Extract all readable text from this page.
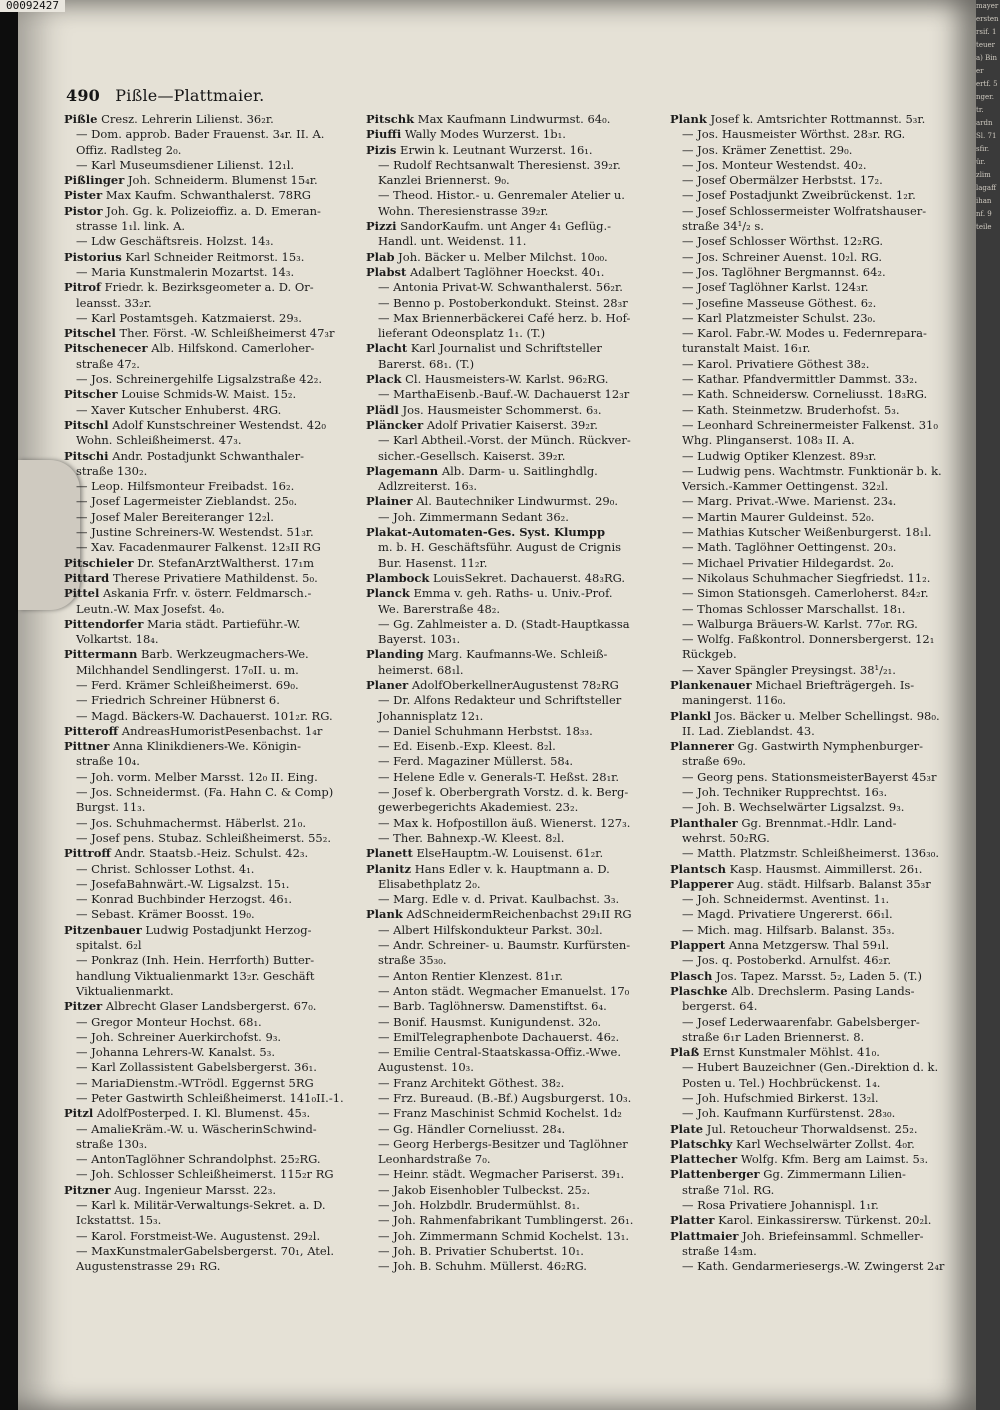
00092427	mayer
ersten
rsif. 1
teuer
a) Bin
er
ertf. 5
nger.
tr.
ardn
Sl. 71
sfir.
ür.
zlim
lagaff
ihan
nf. 9
teile
490 Pißle—Plattmaier.
Pißle Cresz. Lehrerin Lilienst. 36₂r.
— Dom. approb. Bader Frauenst. 3₄r. II. A.
Offiz. Radlsteg 2₀.
— Karl Museumsdiener Lilienst. 12₁l.
Pißlinger Joh. Schneiderm. Blumenst 15₄r.
Pister Max Kaufm. Schwanthalerst. 78RG
Pistor Joh. Gg. k. Polizeioffiz. a. D. Emeran-
strasse 1₁l. link. A.
— Ldw Geschäftsreis. Holzst. 14₃.
Pistorius Karl Schneider Reitmorst. 15₃.
— Maria Kunstmalerin Mozartst. 14₃.
Pitrof Friedr. k. Bezirksgeometer a. D. Or-
leansst. 33₂r.
— Karl Postamtsgeh. Katzmaierst. 29₃.
Pitschel Ther. Först. -W. Schleißheimerst 47₃r
Pitschenecer Alb. Hilfskond. Camerloher-
straße 47₂.
— Jos. Schreinergehilfe Ligsalzstraße 42₂.
Pitscher Louise Schmids-W. Maist. 15₂.
— Xaver Kutscher Enhuberst. 4RG.
Pitschl Adolf Kunstschreiner Westendst. 42₀
Wohn. Schleißheimerst. 47₃.
Pitschi Andr. Postadjunkt Schwanthaler-
straße 130₂.
— Leop. Hilfsmonteur Freibadst. 16₂.
— Josef Lagermeister Zieblandst. 25₀.
— Josef Maler Bereiteranger 12₂l.
— Justine Schreiners-W. Westendst. 51₃r.
— Xav. Facadenmaurer Falkenst. 12₃II RG
Pitschieler Dr. StefanArztWaltherst. 17₁m
Pittard Therese Privatiere Mathildenst. 5₀.
Pittel Askania Frfr. v. österr. Feldmarsch.-
Leutn.-W. Max Josefst. 4₀.
Pittendorfer Maria städt. Partieführ.-W.
Volkartst. 18₄.
Pittermann Barb. Werkzeugmachers-We.
Milchhandel Sendlingerst. 17₀II. u. m.
— Ferd. Krämer Schleißheimerst. 69₀.
— Friedrich Schreiner Hübnerst 6.
— Magd. Bäckers-W. Dachauerst. 101₂r. RG.
Pitteroff AndreasHumoristPesenbachst. 1₄r
Pittner Anna Klinikdieners-We. Königin-
straße 10₄.
— Joh. vorm. Melber Marsst. 12₀ II. Eing.
— Jos. Schneidermst. (Fa. Hahn C. & Comp)
Burgst. 11₃.
— Jos. Schuhmachermst. Häberlst. 21₀.
— Josef pens. Stubaz. Schleißheimerst. 55₂.
Pittroff Andr. Staatsb.-Heiz. Schulst. 42₃.
— Christ. Schlosser Lothst. 4₁.
— JosefaBahnwärt.-W. Ligsalzst. 15₁.
— Konrad Buchbinder Herzogst. 46₁.
— Sebast. Krämer Boosst. 19₀.
Pitzenbauer Ludwig Postadjunkt Herzog-
spitalst. 6₂l
— Ponkraz (Inh. Hein. Herrforth) Butter-
handlung Viktualienmarkt 13₂r. Geschäft
Viktualienmarkt.
Pitzer Albrecht Glaser Landsbergerst. 67₀.
— Gregor Monteur Hochst. 68₁.
— Joh. Schreiner Auerkirchofst. 9₃.
— Johanna Lehrers-W. Kanalst. 5₃.
— Karl Zollassistent Gabelsbergerst. 36₁.
— MariaDienstm.-WTrödl. Eggernst 5RG
— Peter Gastwirth Schleißheimerst. 141₀II.-1.
Pitzl AdolfPosterped. I. Kl. Blumenst. 45₃.
— AmalieKräm.-W. u. WäscherinSchwind-
straße 130₃.
— AntonTaglöhner Schrandolphst. 25₂RG.
— Joh. Schlosser Schleißheimerst. 115₂r RG
Pitzner Aug. Ingenieur Marsst. 22₃.
— Karl k. Militär-Verwaltungs-Sekret. a. D.
Ickstattst. 15₃.
— Karol. Forstmeist-We. Augustenst. 29₂l.
— MaxKunstmalerGabelsbergerst. 70₁, Atel.
Augustenstrasse 29₁ RG.
Pitschk Max Kaufmann Lindwurmst. 64₀.
Piuffi Wally Modes Wurzerst. 1b₁.
Pizis Erwin k. Leutnant Wurzerst. 16₁.
— Rudolf Rechtsanwalt Theresienst. 39₂r.
Kanzlei Briennerst. 9₀.
— Theod. Histor.- u. Genremaler Atelier u.
Wohn. Theresienstrasse 39₂r.
Pizzi SandorKaufm. unt Anger 4₁ Geflüg.-
Handl. unt. Weidenst. 11.
Plab Joh. Bäcker u. Melber Milchst. 10₀₀.
Plabst Adalbert Taglöhner Hoeckst. 40₁.
— Antonia Privat-W. Schwanthalerst. 56₂r.
— Benno p. Postoberkondukt. Steinst. 28₃r
— Max Briennerbäckerei Café herz. b. Hof-
lieferant Odeonsplatz 1₁. (T.)
Placht Karl Journalist und Schriftsteller
Barerst. 68₁. (T.)
Plack Cl. Hausmeisters-W. Karlst. 96₂RG.
— MarthaEisenb.-Bauf.-W. Dachauerst 12₃r
Plädl Jos. Hausmeister Schommerst. 6₃.
Pläncker Adolf Privatier Kaiserst. 39₂r.
— Karl Abtheil.-Vorst. der Münch. Rückver-
sicher.-Gesellsch. Kaiserst. 39₂r.
Plagemann Alb. Darm- u. Saitlinghdlg.
Adlzreiterst. 16₃.
Plainer Al. Bautechniker Lindwurmst. 29₀.
— Joh. Zimmermann Sedant 36₂.
Plakat-Automaten-Ges. Syst. Klumpp
m. b. H. Geschäftsführ. August de Crignis
Bur. Hasenst. 11₂r.
Plambock LouisSekret. Dachauerst. 48₃RG.
Planck Emma v. geh. Raths- u. Univ.-Prof.
We. Barerstraße 48₂.
— Gg. Zahlmeister a. D. (Stadt-Hauptkassa
Bayerst. 103₁.
Planding Marg. Kaufmanns-We. Schleiß-
heimerst. 68₁l.
Planer AdolfOberkellnerAugustenst 78₂RG
— Dr. Alfons Redakteur und Schriftsteller
Johannisplatz 12₁.
— Daniel Schuhmann Herbstst. 18₃₃.
— Ed. Eisenb.-Exp. Kleest. 8₂l.
— Ferd. Magaziner Müllerst. 58₄.
— Helene Edle v. Generals-T. Heßst. 28₁r.
— Josef k. Oberbergrath Vorstz. d. k. Berg-
gewerbegerichts Akademiest. 23₂.
— Max k. Hofpostillon äuß. Wienerst. 127₃.
— Ther. Bahnexp.-W. Kleest. 8₂l.
Planett ElseHauptm.-W. Louisenst. 61₂r.
Planitz Hans Edler v. k. Hauptmann a. D.
Elisabethplatz 2₀.
— Marg. Edle v. d. Privat. Kaulbachst. 3₃.
Plank AdSchneidermReichenbachst 29₁II RG
— Albert Hilfskondukteur Parkst. 30₂l.
— Andr. Schreiner- u. Baumstr. Kurfürsten-
straße 35₃₀.
— Anton Rentier Klenzest. 81₁r.
— Anton städt. Wegmacher Emanuelst. 17₀
— Barb. Taglöhnersw. Damenstiftst. 6₄.
— Bonif. Hausmst. Kunigundenst. 32₀.
— EmilTelegraphenbote Dachauerst. 46₂.
— Emilie Central-Staatskassa-Offiz.-Wwe.
Augustenst. 10₃.
— Franz Architekt Göthest. 38₂.
— Frz. Bureaud. (B.-Bf.) Augsburgerst. 10₃.
— Franz Maschinist Schmid Kochelst. 1d₂
— Gg. Händler Corneliusst. 28₄.
— Georg Herbergs-Besitzer und Taglöhner
Leonhardstraße 7₀.
— Heinr. städt. Wegmacher Pariserst. 39₁.
— Jakob Eisenhobler Tulbeckst. 25₂.
— Joh. Holzbdlr. Brudermühlst. 8₁.
— Joh. Rahmenfabrikant Tumblingerst. 26₁.
— Joh. Zimmermann Schmid Kochelst. 13₁.
— Joh. B. Privatier Schubertst. 10₁.
— Joh. B. Schuhm. Müllerst. 46₂RG.
Plank Josef k. Amtsrichter Rottmannst. 5₃r.
— Jos. Hausmeister Wörthst. 28₃r. RG.
— Jos. Krämer Zenettist. 29₀.
— Jos. Monteur Westendst. 40₂.
— Josef Obermälzer Herbstst. 17₂.
— Josef Postadjunkt Zweibrückenst. 1₂r.
— Josef Schlossermeister Wolfratshauser-
straße 34¹/₂ s.
— Josef Schlosser Wörthst. 12₂RG.
— Jos. Schreiner Auenst. 10₂l. RG.
— Jos. Taglöhner Bergmannst. 64₂.
— Josef Taglöhner Karlst. 124₃r.
— Josefine Masseuse Göthest. 6₂.
— Karl Platzmeister Schulst. 23₀.
— Karol. Fabr.-W. Modes u. Federnrepara-
turanstalt Maist. 16₁r.
— Karol. Privatiere Göthest 38₂.
— Kathar. Pfandvermittler Dammst. 33₂.
— Kath. Schneidersw. Corneliusst. 18₃RG.
— Kath. Steinmetzw. Bruderhofst. 5₃.
— Leonhard Schreinermeister Falkenst. 31₀
Whg. Plinganserst. 108₃ II. A.
— Ludwig Optiker Klenzest. 89₃r.
— Ludwig pens. Wachtmstr. Funktionär b. k.
Versich.-Kammer Oettingenst. 32₂l.
— Marg. Privat.-Wwe. Marienst. 23₄.
— Martin Maurer Guldeinst. 52₀.
— Mathias Kutscher Weißenburgerst. 18₁l.
— Math. Taglöhner Oettingenst. 20₃.
— Michael Privatier Hildegardst. 2₀.
— Nikolaus Schuhmacher Siegfriedst. 11₂.
— Simon Stationsgeh. Camerloherst. 84₂r.
— Thomas Schlosser Marschallst. 18₁.
— Walburga Bräuers-W. Karlst. 77₀r. RG.
— Wolfg. Faßkontrol. Donnersbergerst. 12₁
Rückgeb.
— Xaver Spängler Preysingst. 38¹/₂₁.
Plankenauer Michael Briefträgergeh. Is-
maningerst. 116₀.
Plankl Jos. Bäcker u. Melber Schellingst. 98₀.
II. Lad. Zieblandst. 43.
Plannerer Gg. Gastwirth Nymphenburger-
straße 69₀.
— Georg pens. StationsmeisterBayerst 45₃r
— Joh. Techniker Rupprechtst. 16₃.
— Joh. B. Wechselwärter Ligsalzst. 9₃.
Planthaler Gg. Brennmat.-Hdlr. Land-
wehrst. 50₂RG.
— Matth. Platzmstr. Schleißheimerst. 136₃₀.
Plantsch Kasp. Hausmst. Aimmillerst. 26₁.
Plapperer Aug. städt. Hilfsarb. Balanst 35₃r
— Joh. Schneidermst. Aventinst. 1₁.
— Magd. Privatiere Ungererst. 66₁l.
— Mich. mag. Hilfsarb. Balanst. 35₃.
Plappert Anna Metzgersw. Thal 59₁l.
— Jos. q. Postoberkd. Arnulfst. 46₂r.
Plasch Jos. Tapez. Marsst. 5₂, Laden 5. (T.)
Plaschke Alb. Drechslerm. Pasing Lands-
bergerst. 64.
— Josef Lederwaarenfabr. Gabelsberger-
straße 6₁r Laden Briennerst. 8.
Plaß Ernst Kunstmaler Möhlst. 41₀.
— Hubert Bauzeichner (Gen.-Direktion d. k.
Posten u. Tel.) Hochbrückenst. 1₄.
— Joh. Hufschmied Birkerst. 13₂l.
— Joh. Kaufmann Kurfürstenst. 28₃₀.
Plate Jul. Retoucheur Thorwaldsenst. 25₂.
Platschky Karl Wechselwärter Zollst. 4₀r.
Plattecher Wolfg. Kfm. Berg am Laimst. 5₃.
Plattenberger Gg. Zimmermann Lilien-
straße 71₀l. RG.
— Rosa Privatiere Johannispl. 1₁r.
Platter Karol. Einkassirersw. Türkenst. 20₂l.
Plattmaier Joh. Briefeinsamml. Schmeller-
straße 14₃m.
— Kath. Gendarmeriesergs.-W. Zwingerst 2₄r
